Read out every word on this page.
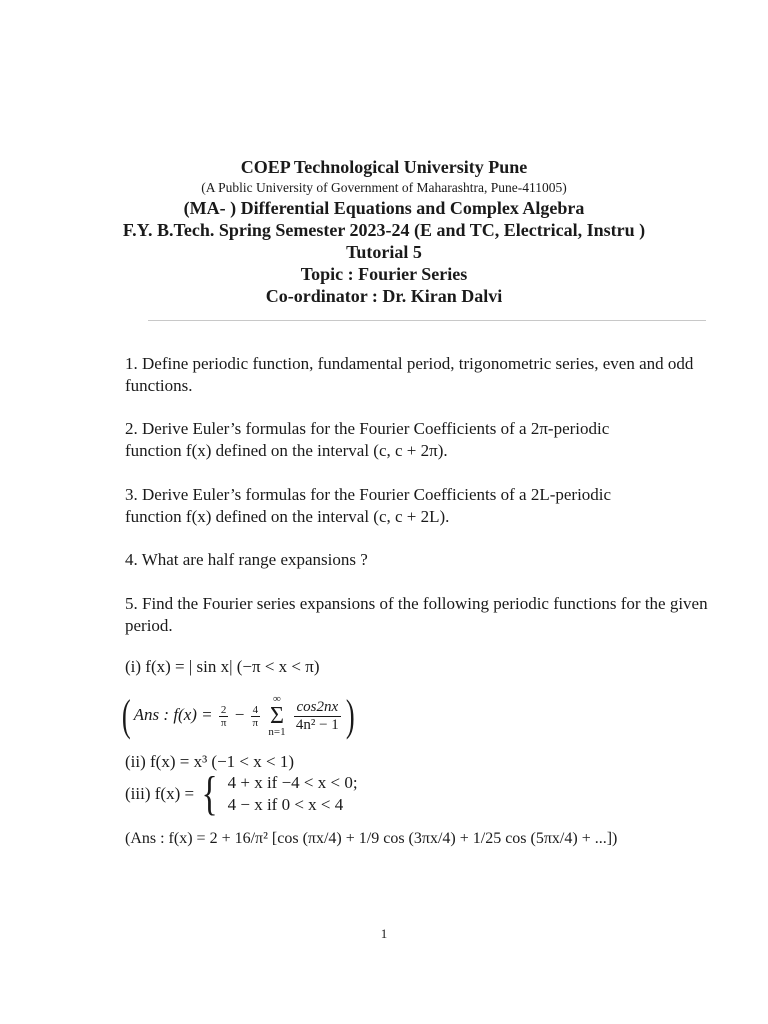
COEP Technological University Pune
(A Public University of Government of Maharashtra, Pune-411005)
(MA- ) Differential Equations and Complex Algebra
F.Y. B.Tech. Spring Semester 2023-24 (E and TC, Electrical, Instru )
Tutorial 5
Topic : Fourier Series
Co-ordinator : Dr. Kiran Dalvi
1. Define periodic function, fundamental period, trigonometric series, even and odd functions.
2. Derive Euler’s formulas for the Fourier Coefficients of a 2π-periodic
function f(x) defined on the interval (c, c + 2π).
3. Derive Euler’s formulas for the Fourier Coefficients of a 2L-periodic
function f(x) defined on the interval (c, c + 2L).
4. What are half range expansions ?
5. Find the Fourier series expansions of the following periodic functions for the given period.
(i) f(x) = | sin x| (−π < x < π)
( Ans : $f(x) = \frac{2}{\pi} - \frac{4}{\pi}$
∞
Σ
$n=1 \frac{\cos 2nx}{\text{4n² − 1}}$ )
(ii) f(x) = x³ (−1 < x < 1)
(iii) f(x) = { 4 + x if −4 < x < 0;
4 − x if 0 < x < 4
(Ans : f(x) = 2 + 16/π² [cos (πx/4) + 1/9 cos (3πx/4) + 1/25 cos (5πx/4) + ...])
1
